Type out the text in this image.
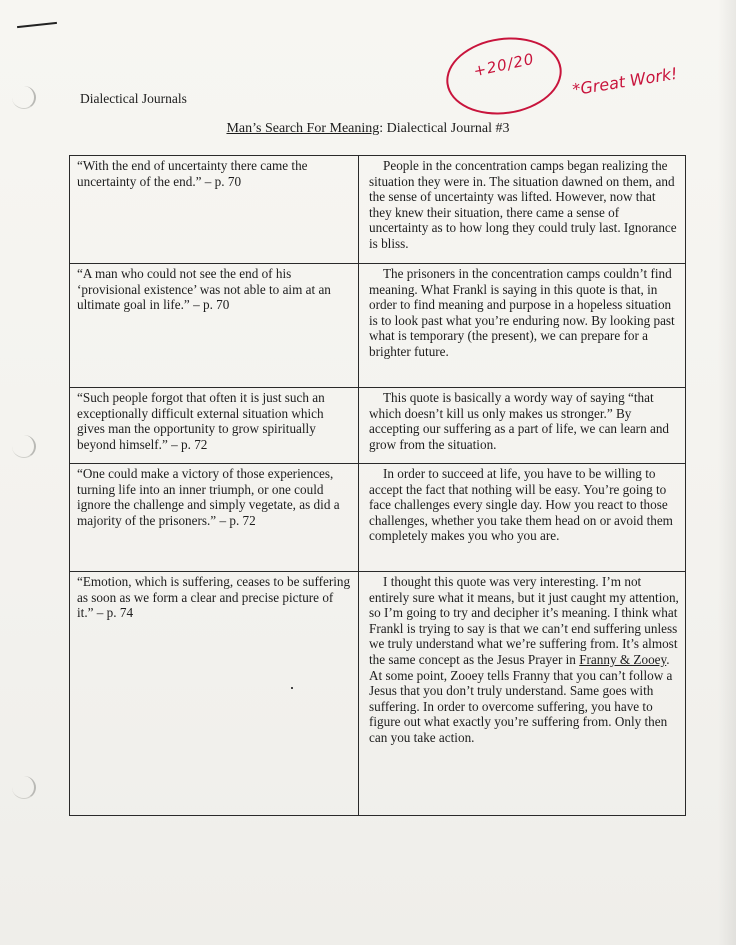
Dialectical Journals
+20/20 *Great Work!
Man’s Search For Meaning: Dialectical Journal #3
“With the end of uncertainty there came the uncertainty of the end.” – p. 70	People in the concentration camps began realizing the situation they were in. The situation dawned on them, and the sense of uncertainty was lifted. However, now that they knew their situation, there came a sense of uncertainty as to how long they could truly last. Ignorance is bliss.
“A man who could not see the end of his ‘provisional existence’ was not able to aim at an ultimate goal in life.” – p. 70	The prisoners in the concentration camps couldn’t find meaning. What Frankl is saying in this quote is that, in order to find meaning and purpose in a hopeless situation is to look past what you’re enduring now. By looking past what is temporary (the present), we can prepare for a brighter future.
“Such people forgot that often it is just such an exceptionally difficult external situation which gives man the opportunity to grow spiritually beyond himself.” – p. 72	This quote is basically a wordy way of saying “that which doesn’t kill us only makes us stronger.” By accepting our suffering as a part of life, we can learn and grow from the situation.
“One could make a victory of those experiences, turning life into an inner triumph, or one could ignore the challenge and simply vegetate, as did a majority of the prisoners.” – p. 72	In order to succeed at life, you have to be willing to accept the fact that nothing will be easy. You’re going to face challenges every single day. How you react to those challenges, whether you take them head on or avoid them completely makes you who you are.
“Emotion, which is suffering, ceases to be suffering as soon as we form a clear and precise picture of it.” – p. 74	I thought this quote was very interesting. I’m not entirely sure what it means, but it just caught my attention, so I’m going to try and decipher it’s meaning. I think what Frankl is trying to say is that we can’t end suffering unless we truly understand what we’re suffering from. It’s almost the same concept as the Jesus Prayer in Franny & Zooey. At some point, Zooey tells Franny that you can’t follow a Jesus that you don’t truly understand. Same goes with suffering. In order to overcome suffering, you have to figure out what exactly you’re suffering from. Only then can you take action.
